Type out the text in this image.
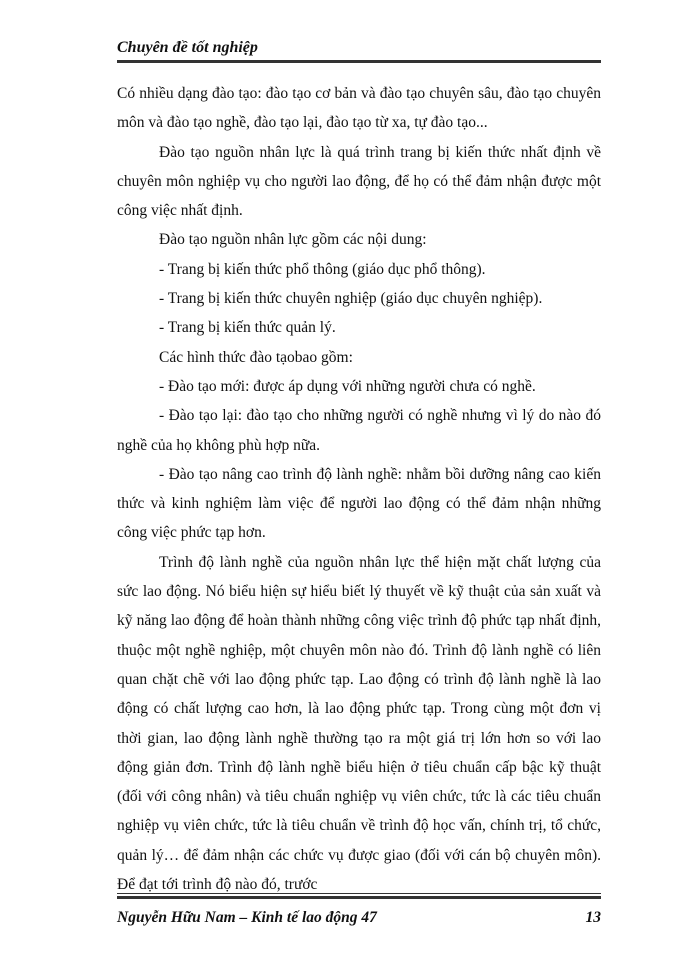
Chuyên đề tốt nghiệp

Có nhiều dạng đào tạo: đào tạo cơ bản và đào tạo chuyên sâu, đào tạo chuyên môn và đào tạo nghề, đào tạo lại, đào tạo từ xa, tự đào tạo...

Đào tạo nguồn nhân lực là quá trình trang bị kiến thức nhất định về chuyên môn nghiệp vụ cho người lao động, để họ có thể đảm nhận được một công việc nhất định.

Đào tạo nguồn nhân lực gồm các nội dung:

- Trang bị kiến thức phổ thông (giáo dục phổ thông).

- Trang bị kiến thức chuyên nghiệp (giáo dục chuyên nghiệp).

- Trang bị kiến thức quản lý.

Các hình thức đào tạobao gồm:

- Đào tạo mới: được áp dụng với những người chưa có nghề.

- Đào tạo lại: đào tạo cho những người có nghề nhưng vì lý do nào đó nghề của họ không phù hợp nữa.

- Đào tạo nâng cao trình độ lành nghề: nhằm bồi dưỡng nâng cao kiến thức và kinh nghiệm làm việc để người lao động có thể đảm nhận những công việc phức tạp hơn.

Trình độ lành nghề của nguồn nhân lực thể hiện mặt chất lượng của sức lao động. Nó biểu hiện sự hiểu biết lý thuyết về kỹ thuật của sản xuất và kỹ năng lao động để hoàn thành những công việc trình độ phức tạp nhất định, thuộc một nghề nghiệp, một chuyên môn nào đó. Trình độ lành nghề có liên quan chặt chẽ với lao động phức tạp. Lao động có trình độ lành nghề là lao động có chất lượng cao hơn, là lao động phức tạp. Trong cùng một đơn vị thời gian, lao động lành nghề thường tạo ra một giá trị lớn hơn so với lao động giản đơn. Trình độ lành nghề biểu hiện ở tiêu chuẩn cấp bậc kỹ thuật (đối với công nhân) và tiêu chuẩn nghiệp vụ viên chức, tức là các tiêu chuẩn nghiệp vụ viên chức, tức là tiêu chuẩn về trình độ học vấn, chính trị, tổ chức, quản lý… để đảm nhận các chức vụ được giao (đối với cán bộ chuyên môn). Để đạt tới trình độ nào đó, trước

Nguyễn Hữu Nam – Kinh tế lao động 47	13
